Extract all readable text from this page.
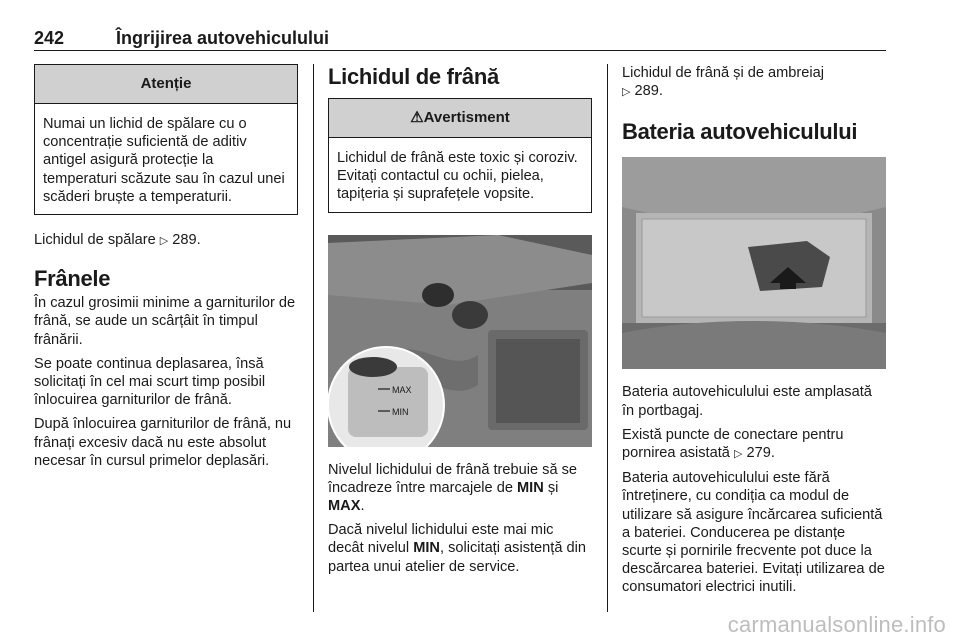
242	Îngrijirea autovehiculului
Atenție
Numai un lichid de spălare cu o concentrație suficientă de aditiv antigel asigură protecție la temperaturi scăzute sau în cazul unei scăderi bruște a temperaturii.

Lichidul de spălare ▷ 289.

Frânele

În cazul grosimii minime a garniturilor de frână, se aude un scârțâit în timpul frânării.

Se poate continua deplasarea, însă solicitați în cel mai scurt timp posibil înlocuirea garniturilor de frână.

După înlocuirea garniturilor de frână, nu frânați excesiv dacă nu este absolut necesar în cursul primelor deplasări.

Lichidul de frână
⚠Avertisment
Lichidul de frână este toxic și coroziv. Evitați contactul cu ochii, pielea, tapițeria și suprafețele vopsite.
MAX
MIN

Nivelul lichidului de frână trebuie să se încadreze între marcajele de MIN și MAX.

Dacă nivelul lichidului este mai mic decât nivelul MIN, solicitați asistență din partea unui atelier de service.

Lichidul de frână și de ambreiaj
▷ 289.

Bateria autovehiculului

Bateria autovehiculului este amplasată în portbagaj.

Există puncte de conectare pentru pornirea asistată ▷ 279.

Bateria autovehiculului este fără întreținere, cu condiția ca modul de utilizare să asigure încărcarea suficientă a bateriei. Conducerea pe distanțe scurte și pornirile frecvente pot duce la descărcarea bateriei. Evitați utilizarea de consumatori electrici inutili.

carmanualsonline.info
